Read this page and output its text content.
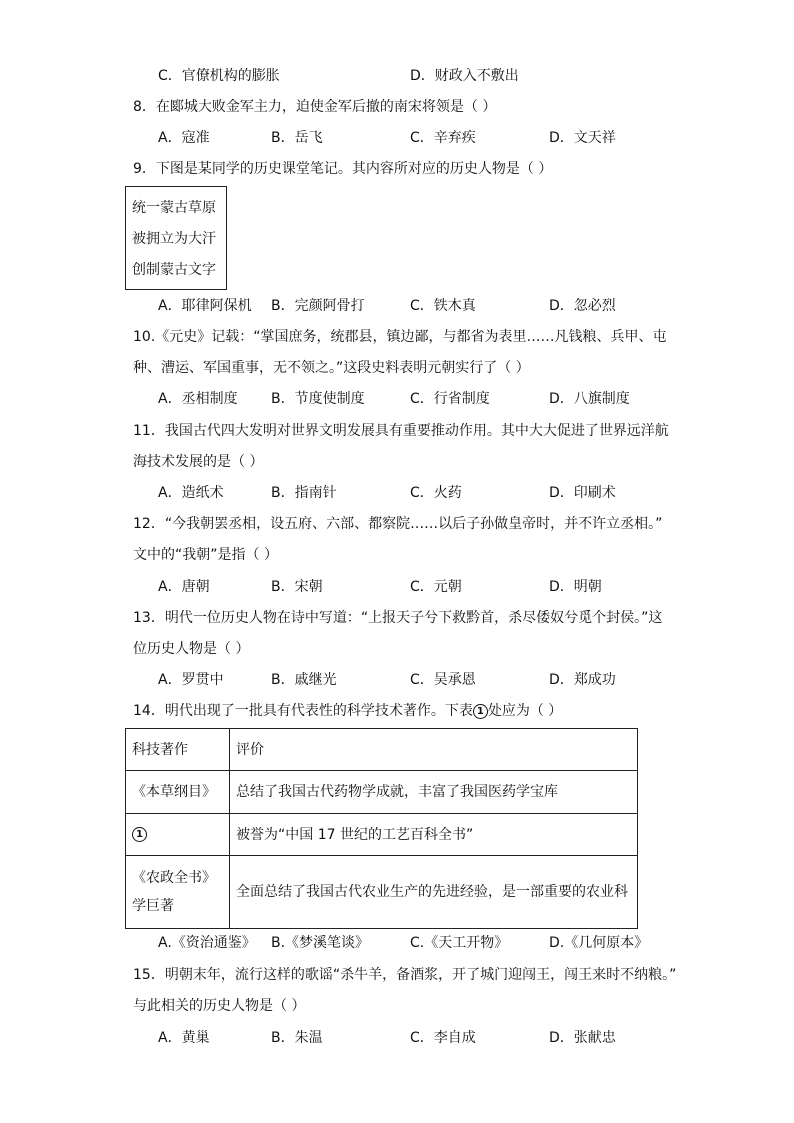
C．官僚机构的膨胀	D．财政入不敷出
8．在郾城大败金军主力，迫使金军后撤的南宋将领是（ ）
A．寇准	B．岳飞	C．辛弃疾	D．文天祥
9．下图是某同学的历史课堂笔记。其内容所对应的历史人物是（ ）
统一蒙古草原
被拥立为大汗
创制蒙古文字
A．耶律阿保机 B．完颜阿骨打	C．铁木真	D．忽必烈
10.《元史》记载：“掌国庶务，统郡县，镇边鄙，与都省为表里……凡钱粮、兵甲、屯
种、漕运、军国重事，无不领之。”这段史料表明元朝实行了（ ）
A．丞相制度 B．节度使制度	C．行省制度	D．八旗制度
11．我国古代四大发明对世界文明发展具有重要推动作用。其中大大促进了世界远洋航
海技术发展的是（ ）
A．造纸术	B．指南针	C．火药	D．印刷术
12．“今我朝罢丞相，设五府、六部、都察院……以后子孙做皇帝时，并不许立丞相。”
文中的“我朝”是指（ ）
A．唐朝	B．宋朝	C．元朝	D．明朝
13．明代一位历史人物在诗中写道：“上报天子兮下救黔首，杀尽倭奴兮觅个封侯。”这
位历史人物是（ ）
A．罗贯中	B．戚继光	C．吴承恩	D．郑成功
14．明代出现了一批具有代表性的科学技术著作。下表 1 处应为（ ）
科技著作	评价
《本草纲目》	总结了我国古代药物学成就，丰富了我国医药学宝库
1	被誉为“中国 17 世纪的工艺百科全书”
《农政全书》
学巨著	全面总结了我国古代农业生产的先进经验，是一部重要的农业科
A.《资治通鉴》 B.《梦溪笔谈》	C.《天工开物》	D.《几何原本》
15．明朝末年，流行这样的歌谣“杀牛羊，备酒浆，开了城门迎闯王，闯王来时不纳粮。”
与此相关的历史人物是（ ）
A．黄巢	B．朱温	C．李自成	D．张献忠
